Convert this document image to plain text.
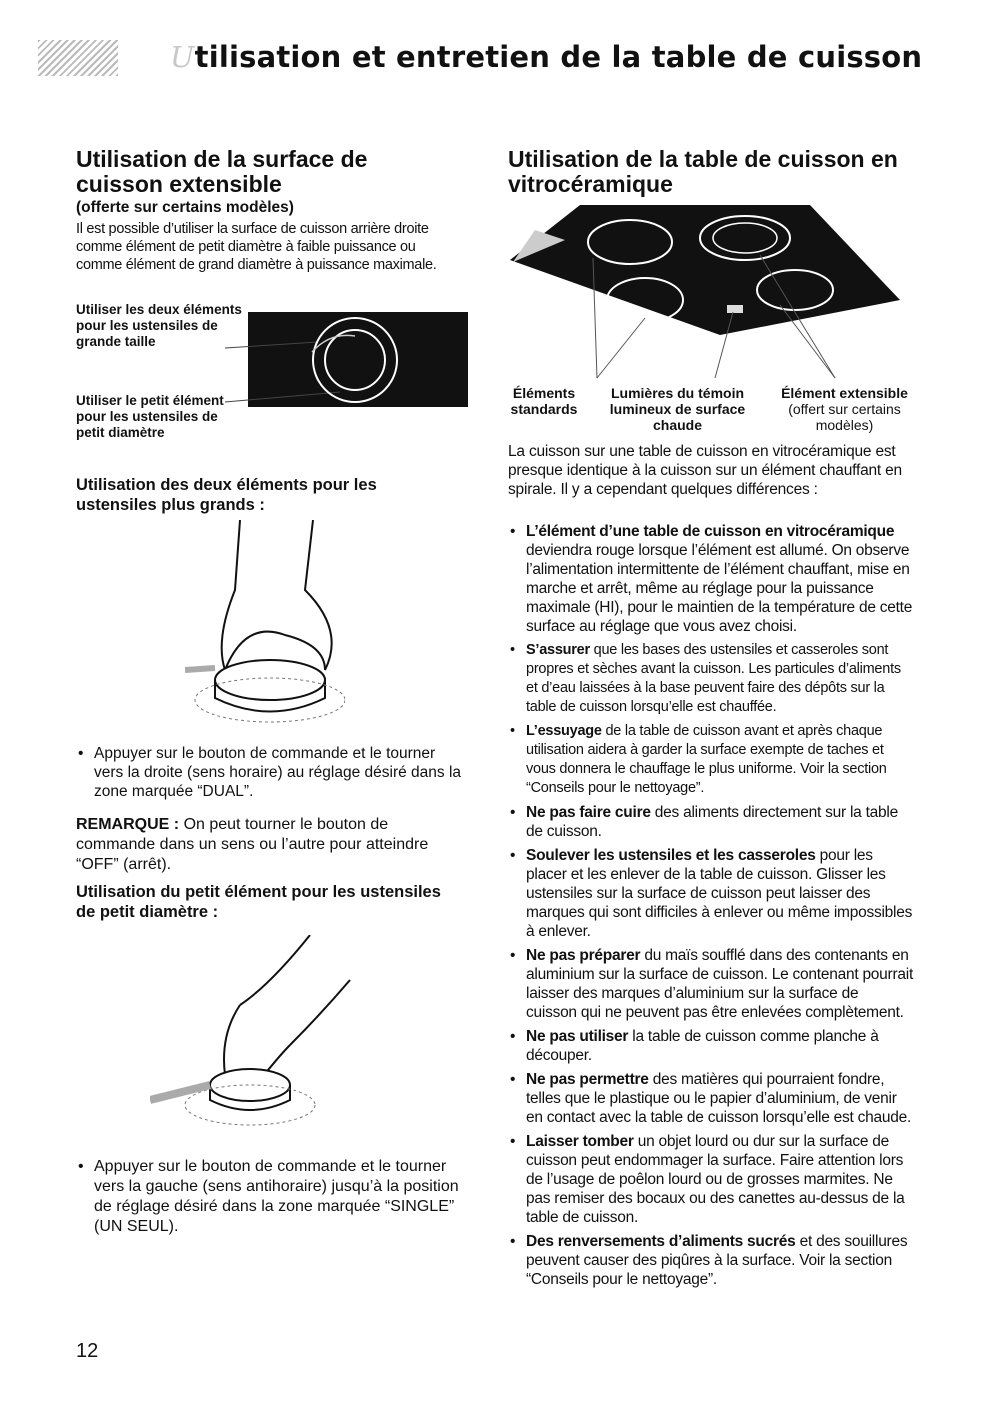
Utilisation et entretien de la table de cuisson
Utilisation de la surface de cuisson extensible
(offerte sur certains modèles)
Il est possible d’utiliser la surface de cuisson arrière droite comme élément de petit diamètre à faible puissance ou comme élément de grand diamètre à puissance maximale.
Utiliser les deux éléments pour les ustensiles de grande taille
Utiliser le petit élément pour les ustensiles de petit diamètre
Utilisation des deux éléments pour les ustensiles plus grands :
• Appuyer sur le bouton de commande et le tourner vers la droite (sens horaire) au réglage désiré dans la zone marquée “DUAL”.
REMARQUE : On peut tourner le bouton de commande dans un sens ou l’autre pour atteindre “OFF” (arrêt).
Utilisation du petit élément pour les ustensiles de petit diamètre :
• Appuyer sur le bouton de commande et le tourner vers la gauche (sens antihoraire) jusqu’à la position de réglage désiré dans la zone marquée “SINGLE” (UN SEUL).
12
Utilisation de la table de cuisson en vitrocéramique
Éléments standards
Lumières du témoin lumineux de surface chaude
Élément extensible
(offert sur certains modèles)
La cuisson sur une table de cuisson en vitrocéramique est presque identique à la cuisson sur un élément chauffant en spirale. Il y a cependant quelques différences :
• L’élément d’une table de cuisson en vitrocéramique deviendra rouge lorsque l’élément est allumé. On observe l’alimentation intermittente de l’élément chauffant, mise en marche et arrêt, même au réglage pour la puissance maximale (HI), pour le maintien de la température de cette surface au réglage que vous avez choisi.
• S’assurer que les bases des ustensiles et casseroles sont propres et sèches avant la cuisson. Les particules d’aliments et d’eau laissées à la base peuvent faire des dépôts sur la table de cuisson lorsqu’elle est chauffée.
• L’essuyage de la table de cuisson avant et après chaque utilisation aidera à garder la surface exempte de taches et vous donnera le chauffage le plus uniforme. Voir la section “Conseils pour le nettoyage”.
• Ne pas faire cuire des aliments directement sur la table de cuisson.
• Soulever les ustensiles et les casseroles pour les placer et les enlever de la table de cuisson. Glisser les ustensiles sur la surface de cuisson peut laisser des marques qui sont difficiles à enlever ou même impossibles à enlever.
• Ne pas préparer du maïs soufflé dans des contenants en aluminium sur la surface de cuisson. Le contenant pourrait laisser des marques d’aluminium sur la surface de cuisson qui ne peuvent pas être enlevées complètement.
• Ne pas utiliser la table de cuisson comme planche à découper.
• Ne pas permettre des matières qui pourraient fondre, telles que le plastique ou le papier d’aluminium, de venir en contact avec la table de cuisson lorsqu’elle est chaude.
• Laisser tomber un objet lourd ou dur sur la surface de cuisson peut endommager la surface. Faire attention lors de l’usage de poêlon lourd ou de grosses marmites. Ne pas remiser des bocaux ou des canettes au-dessus de la table de cuisson.
• Des renversements d’aliments sucrés et des souillures peuvent causer des piqûres à la surface. Voir la section “Conseils pour le nettoyage”.
